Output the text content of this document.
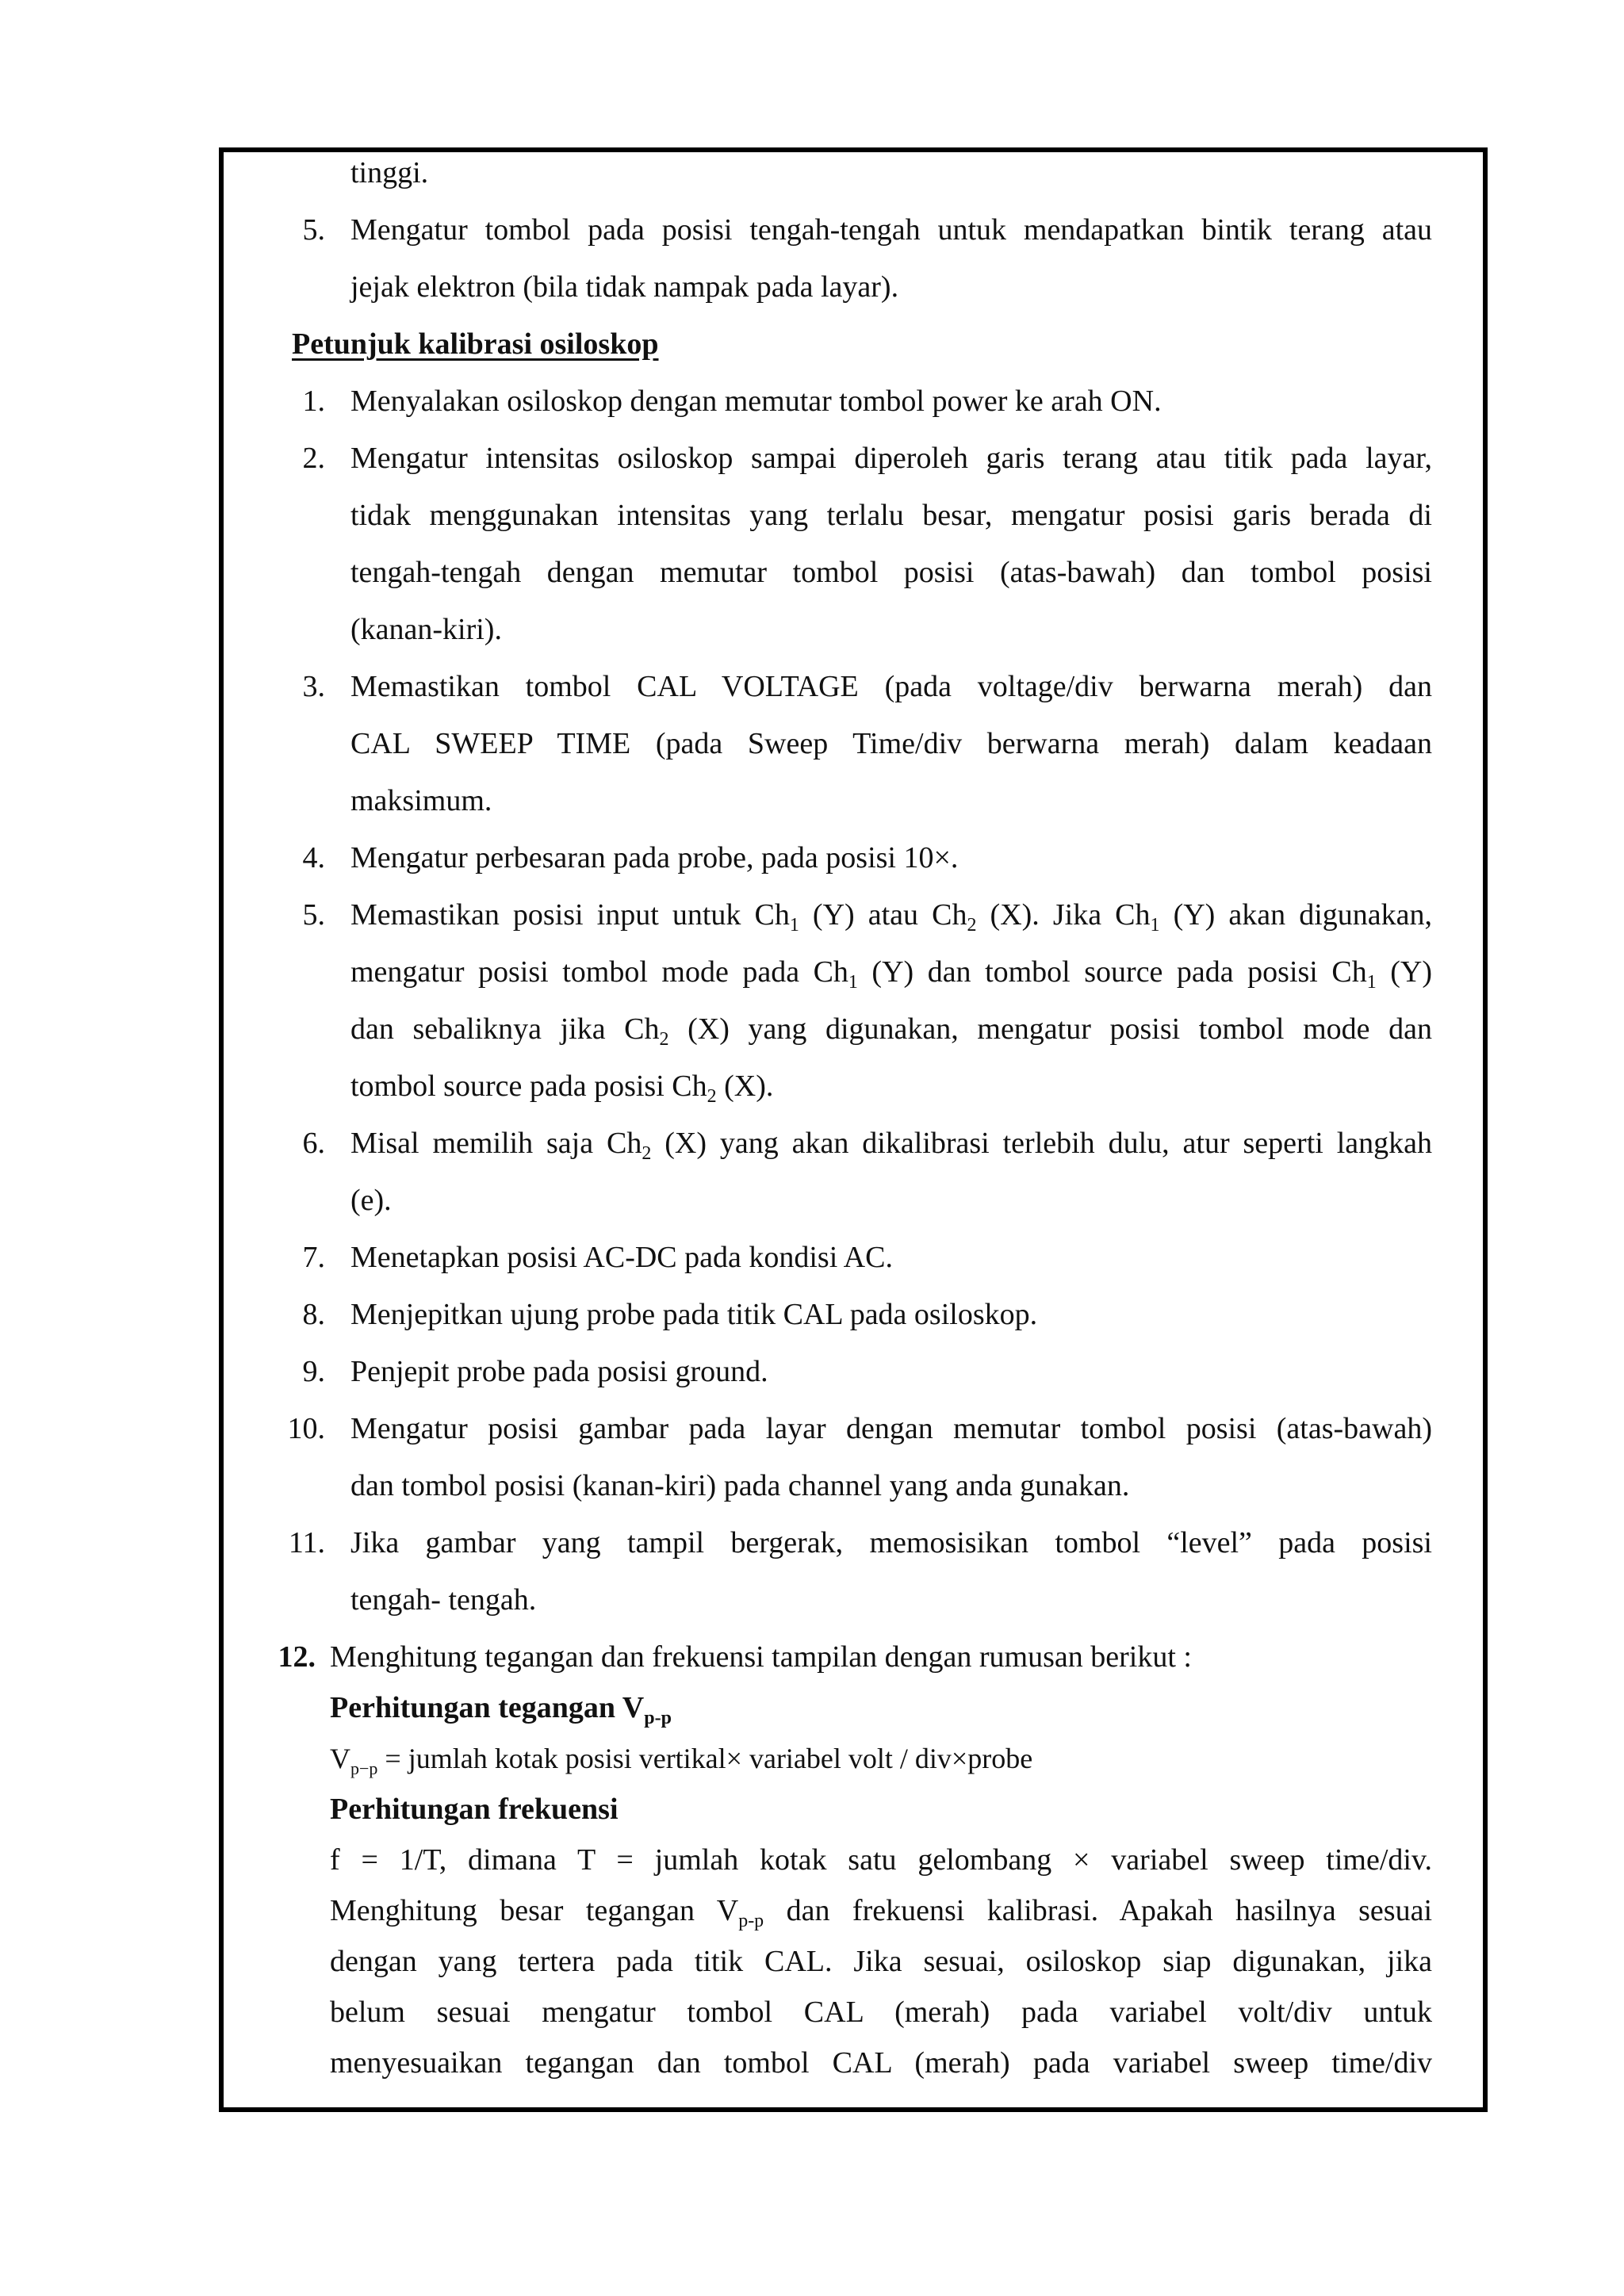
tinggi.
5. Mengatur tombol pada posisi tengah-tengah untuk mendapatkan bintik terang atau
jejak elektron (bila tidak nampak pada layar).
Petunjuk kalibrasi osiloskop
1. Menyalakan osiloskop dengan memutar tombol power ke arah ON.
2. Mengatur intensitas osiloskop sampai diperoleh garis terang atau titik pada layar,
tidak menggunakan intensitas yang terlalu besar, mengatur posisi garis berada di
tengah-tengah dengan memutar tombol posisi (atas-bawah) dan tombol posisi
(kanan-kiri).
3. Memastikan tombol CAL VOLTAGE (pada voltage/div berwarna merah) dan
CAL SWEEP TIME (pada Sweep Time/div berwarna merah) dalam keadaan
maksimum.
4. Mengatur perbesaran pada probe, pada posisi 10×.
5. Memastikan posisi input untuk $Ch_1$ (Y) atau $Ch_2$ (X). Jika $Ch_1$ (Y) akan digunakan,
mengatur posisi tombol mode pada $Ch_1$ (Y) dan tombol source pada posisi $Ch_1$ (Y)
dan sebaliknya jika $Ch_2$ (X) yang digunakan, mengatur posisi tombol mode dan
tombol source pada posisi $Ch_2$ (X).
6. Misal memilih saja $Ch_2$ (X) yang akan dikalibrasi terlebih dulu, atur seperti langkah
(e).
7. Menetapkan posisi AC-DC pada kondisi AC.
8. Menjepitkan ujung probe pada titik CAL pada osiloskop.
9. Penjepit probe pada posisi ground.
10. Mengatur posisi gambar pada layar dengan memutar tombol posisi (atas-bawah)
dan tombol posisi (kanan-kiri) pada channel yang anda gunakan.
11. Jika gambar yang tampil bergerak, memosisikan tombol “level” pada posisi
tengah- tengah.
12. Menghitung tegangan dan frekuensi tampilan dengan rumusan berikut :
Perhitungan tegangan $V_{p-p}$
$V_{p-p}$ = jumlah kotak posisi vertikal× variabel volt / div×probe
Perhitungan frekuensi
f = 1/T, dimana T = jumlah kotak satu gelombang × variabel sweep time/div.
Menghitung besar tegangan $V_{p-p}$ dan frekuensi kalibrasi. Apakah hasilnya sesuai
dengan yang tertera pada titik CAL. Jika sesuai, osiloskop siap digunakan, jika
belum sesuai mengatur tombol CAL (merah) pada variabel volt/div untuk
menyesuaikan tegangan dan tombol CAL (merah) pada variabel sweep time/div
